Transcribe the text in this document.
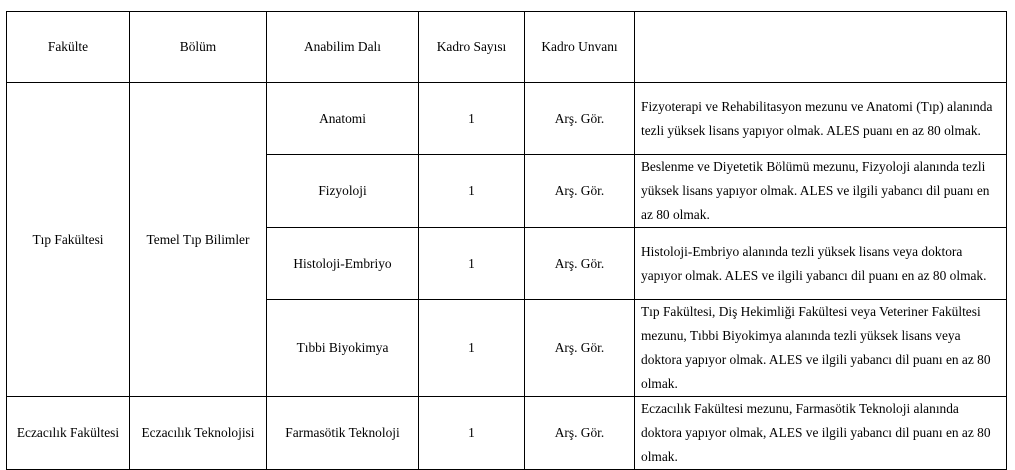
Fakülte	Bölüm	Anabilim Dalı	Kadro Sayısı	Kadro Unvanı	
Tıp Fakültesi	Temel Tıp Bilimler	Anatomi	1	Arş. Gör.	Fizyoterapi ve Rehabilitasyon mezunu ve Anatomi (Tıp) alanında tezli yüksek lisans yapıyor olmak. ALES puanı en az 80 olmak.
		Fizyoloji	1	Arş. Gör.	Beslenme ve Diyetetik Bölümü mezunu, Fizyoloji alanında tezli yüksek lisans yapıyor olmak. ALES ve ilgili yabancı dil puanı en az 80 olmak.
		Histoloji-Embriyo	1	Arş. Gör.	Histoloji-Embriyo alanında tezli yüksek lisans veya doktora yapıyor olmak. ALES ve ilgili yabancı dil puanı en az 80 olmak.
		Tıbbi Biyokimya	1	Arş. Gör.	Tıp Fakültesi, Diş Hekimliği Fakültesi veya Veteriner Fakültesi mezunu, Tıbbi Biyokimya alanında tezli yüksek lisans veya doktora yapıyor olmak. ALES ve ilgili yabancı dil puanı en az 80 olmak.
Eczacılık Fakültesi	Eczacılık Teknolojisi	Farmasötik Teknoloji	1	Arş. Gör.	Eczacılık Fakültesi mezunu, Farmasötik Teknoloji alanında doktora yapıyor olmak, ALES ve ilgili yabancı dil puanı en az 80 olmak.
